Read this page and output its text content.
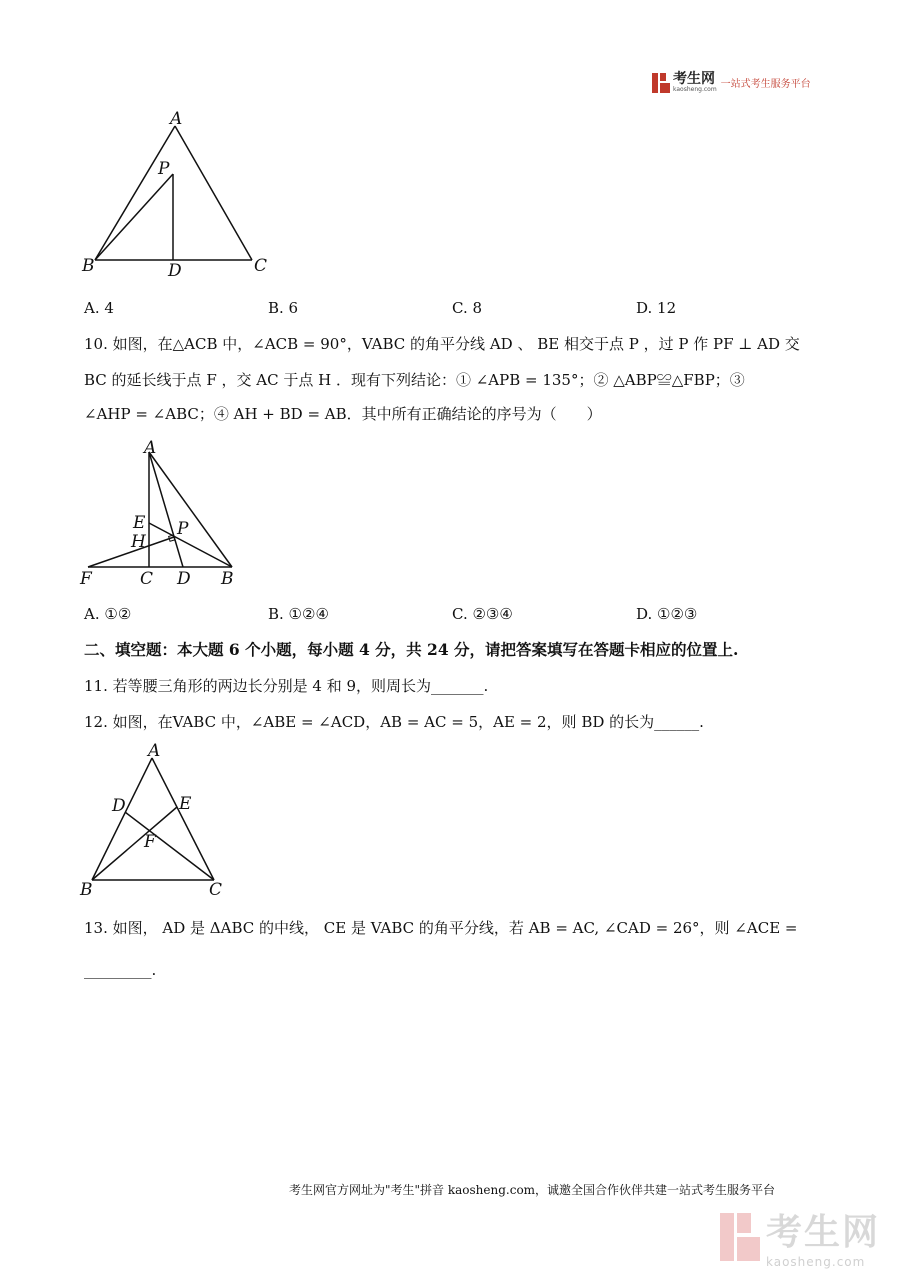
考生网
kaosheng.com 一站式考生服务平台
A
P
B	D	C
A. 4	B. 6	C. 8	D. 12
10. 如图，在△ACB 中，∠ACB = 90°，VABC 的角平分线 AD 、 BE 相交于点 P ，过 P 作 PF ⊥ AD 交
BC 的延长线于点 F ，交 AC 于点 H ．现有下列结论：① ∠APB = 135°；② △ABP≌△FBP；③
∠AHP = ∠ABC；④ AH + BD = AB．其中所有正确结论的序号为（　　）
A
E
H
P
F	C D B
A. ①②	B. ①②④	C. ②③④	D. ①②③
二、填空题：本大题 6 个小题，每小题 4 分，共 24 分，请把答案填写在答题卡相应的位置上.
11. 若等腰三角形的两边长分别是 4 和 9，则周长为_______.
12. 如图，在VABC 中，∠ABE = ∠ACD，AB = AC = 5，AE = 2，则 BD 的长为______.
A
D	E
F
B	C
13. 如图， AD 是 ΔABC 的中线， CE 是 VABC 的角平分线，若 AB = AC, ∠CAD = 26°，则 ∠ACE =
_________.
考生网官方网址为"考生"拼音 kaosheng.com，诚邀全国合作伙伴共建一站式考生服务平台
考生网
kaosheng.com
